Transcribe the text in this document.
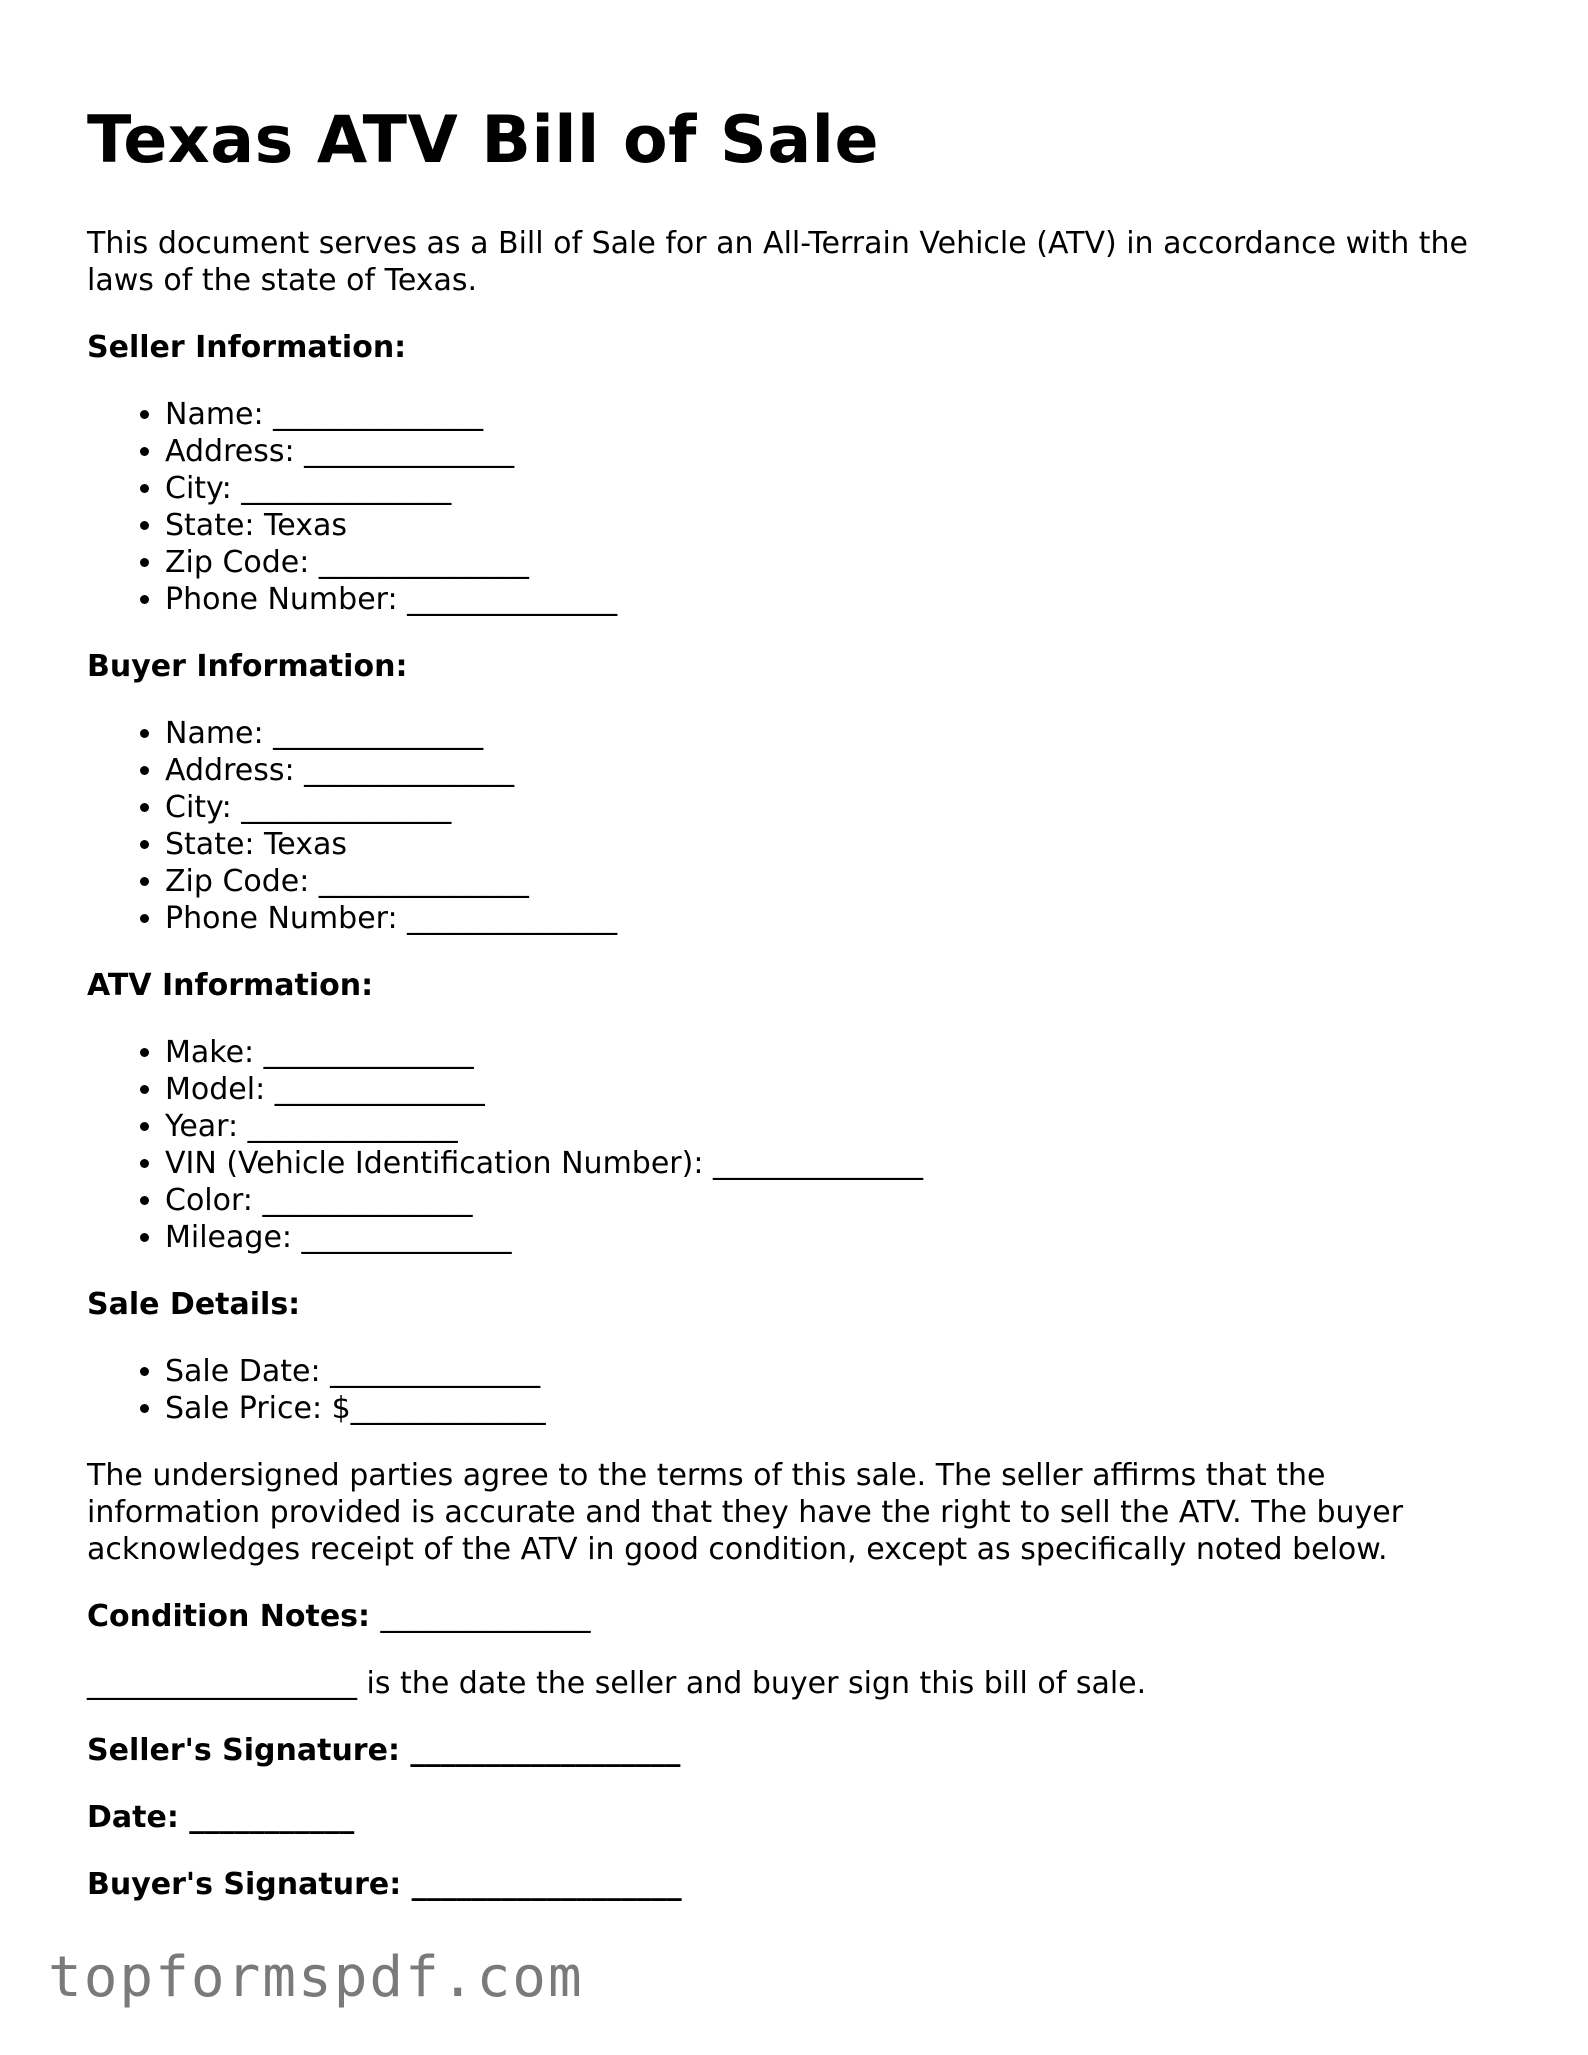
Texas ATV Bill of Sale

This document serves as a Bill of Sale for an All-Terrain Vehicle (ATV) in accordance with the laws of the state of Texas.

Seller Information:

• Name: ______________
• Address: ______________
• City: ______________
• State: Texas
• Zip Code: ______________
• Phone Number: ______________

Buyer Information:

• Name: ______________
• Address: ______________
• City: ______________
• State: Texas
• Zip Code: ______________
• Phone Number: ______________

ATV Information:

• Make: ______________
• Model: ______________
• Year: ______________
• VIN (Vehicle Identification Number): ______________
• Color: ______________
• Mileage: ______________

Sale Details:

• Sale Date: ______________
• Sale Price: $_____________

The undersigned parties agree to the terms of this sale. The seller affirms that the information provided is accurate and that they have the right to sell the ATV. The buyer acknowledges receipt of the ATV in good condition, except as specifically noted below.

Condition Notes: ______________

__________________ is the date the seller and buyer sign this bill of sale.

Seller's Signature: __________________

Date: ___________

Buyer's Signature: __________________

topformspdf.com
